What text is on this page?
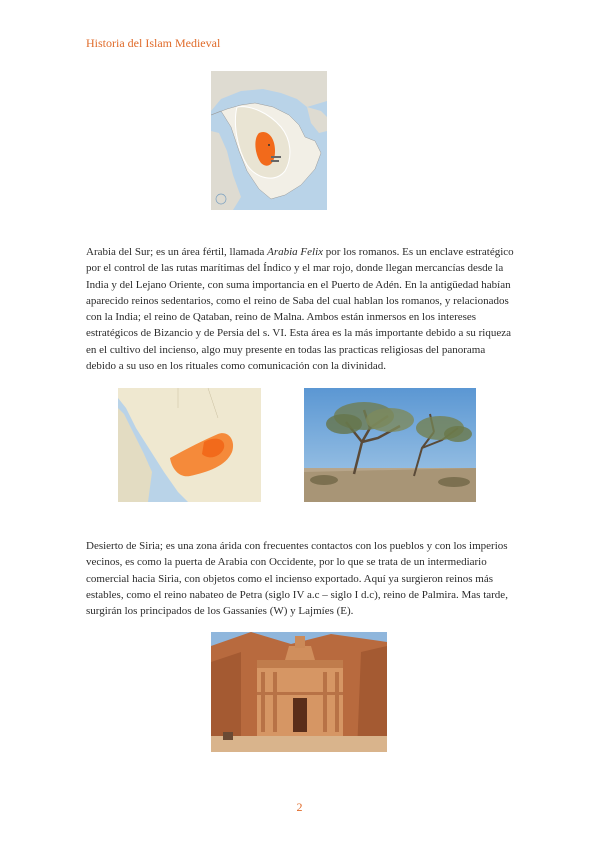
Historia del Islam Medieval

Arabia del Sur; es un área fértil, llamada Arabia Felix por los romanos. Es un enclave estratégico por el control de las rutas marítimas del Índico y el mar rojo, donde llegan mercancías desde la India y del Lejano Oriente, con suma importancia en el Puerto de Adén. En la antigüedad habían aparecido reinos sedentarios, como el reino de Saba del cual hablan los romanos, y relacionados con la India; el reino de Qataban, reino de Malna. Ambos están inmersos en los intereses estratégicos de Bizancio y de Persia del s. VI. Esta área es la más importante debido a su riqueza en el cultivo del incienso, algo muy presente en todas las practicas religiosas del panorama debido a su uso en los rituales como comunicación con la divinidad.

Desierto de Siria; es una zona árida con frecuentes contactos con los pueblos y con los imperios vecinos, es como la puerta de Arabia con Occidente, por lo que se trata de un intermediario comercial hacia Siria, con objetos como el incienso exportado. Aquí ya surgieron reinos más estables, como el reino nabateo de Petra (siglo IV a.c – siglo I d.c), reino de Palmira. Mas tarde, surgirán los principados de los Gassaníes (W) y Lajmíes (E).

2
